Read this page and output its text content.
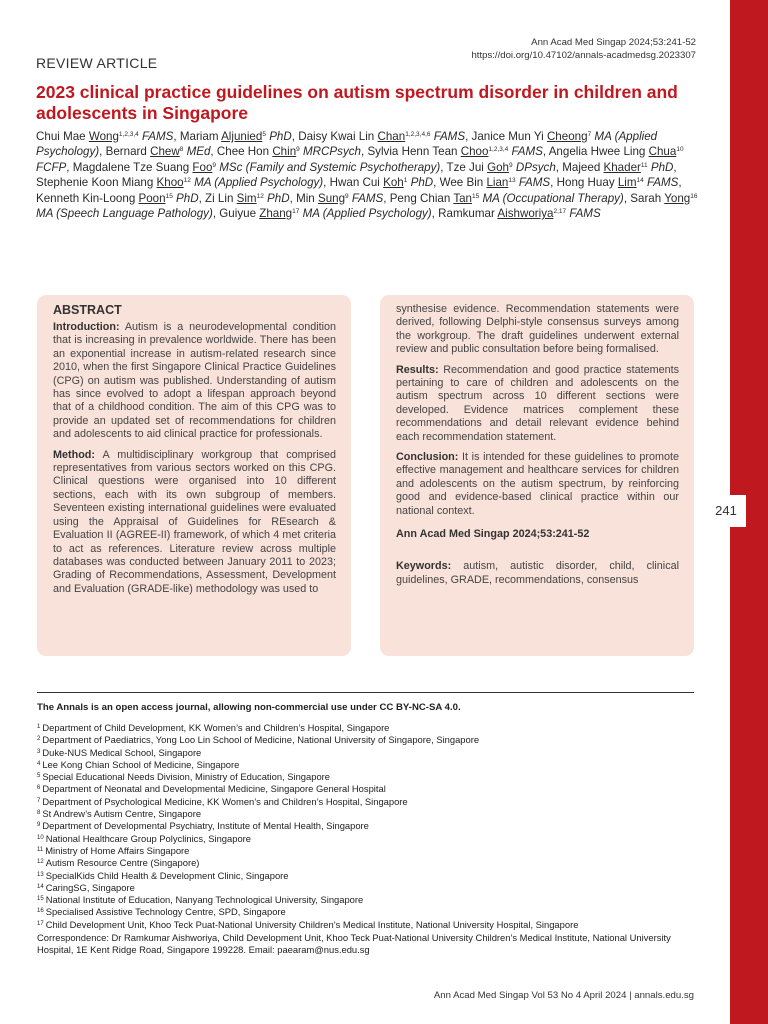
241
Ann Acad Med Singap 2024;53:241-52
https://doi.org/10.47102/annals-acadmedsg.2023307
REVIEW ARTICLE
2023 clinical practice guidelines on autism spectrum disorder in children and adolescents in Singapore
Chui Mae Wong$^{1,2,3,4}$ FAMS, Mariam Aljunied$^5$ PhD, Daisy Kwai Lin Chan$^{1,2,3,4,6}$ FAMS, Janice Mun Yi Cheong$^7$ MA (Applied Psychology), Bernard Chew$^8$ MEd, Chee Hon Chin$^9$ MRCPsych, Sylvia Henn Tean Choo$^{1,2,3,4}$ FAMS, Angelia Hwee Ling Chua$^{10}$ FCFP, Magdalene Tze Suang Foo$^9$ MSc (Family and Systemic Psychotherapy), Tze Jui Goh$^9$ DPsych, Majeed Khader$^{11}$ PhD, Stephenie Koon Miang Khoo$^{12}$ MA (Applied Psychology), Hwan Cui Koh$^1$ PhD, Wee Bin Lian$^{13}$ FAMS, Hong Huay Lim$^{14}$ FAMS, Kenneth Kin-Loong Poon$^{15}$ PhD, Zi Lin Sim$^{12}$ PhD, Min Sung$^9$ FAMS, Peng Chian Tan$^{15}$ MA (Occupational Therapy), Sarah Yong$^{16}$ MA (Speech Language Pathology), Guiyue Zhang$^{17}$ MA (Applied Psychology), Ramkumar Aishworiya$^{2,17}$ FAMS
ABSTRACT

Introduction: Autism is a neurodevelopmental condition that is increasing in prevalence worldwide. There has been an exponential increase in autism-related research since 2010, when the first Singapore Clinical Practice Guidelines (CPG) on autism was published. Understanding of autism has since evolved to adopt a lifespan approach beyond that of a childhood condition. The aim of this CPG was to provide an updated set of recommendations for children and adolescents to aid clinical practice for professionals.

Method: A multidisciplinary workgroup that comprised representatives from various sectors worked on this CPG. Clinical questions were organised into 10 different sections, each with its own subgroup of members. Seventeen existing international guidelines were evaluated using the Appraisal of Guidelines for REsearch & Evaluation II (AGREE-II) framework, of which 4 met criteria to act as references. Literature review across multiple databases was conducted between January 2011 to 2023; Grading of Recommendations, Assessment, Development and Evaluation (GRADE-like) methodology was used to

synthesise evidence. Recommendation statements were derived, following Delphi-style consensus surveys among the workgroup. The draft guidelines underwent external review and public consultation before being formalised.

Results: Recommendation and good practice statements pertaining to care of children and adolescents on the autism spectrum across 10 different sections were developed. Evidence matrices complement these recommendations and detail relevant evidence behind each recommendation statement.

Conclusion: It is intended for these guidelines to promote effective management and healthcare services for children and adolescents on the autism spectrum, by reinforcing good and evidence-based clinical practice within our national context.

Ann Acad Med Singap 2024;53:241-52

Keywords: autism, autistic disorder, child, clinical guidelines, GRADE, recommendations, consensus

The Annals is an open access journal, allowing non-commercial use under CC BY-NC-SA 4.0.
$^1$ Department of Child Development, KK Women’s and Children’s Hospital, Singapore
$^2$ Department of Paediatrics, Yong Loo Lin School of Medicine, National University of Singapore, Singapore
$^3$ Duke-NUS Medical School, Singapore
$^4$ Lee Kong Chian School of Medicine, Singapore
$^5$ Special Educational Needs Division, Ministry of Education, Singapore
$^6$ Department of Neonatal and Developmental Medicine, Singapore General Hospital
$^7$ Department of Psychological Medicine, KK Women’s and Children’s Hospital, Singapore
$^8$ St Andrew’s Autism Centre, Singapore
$^9$ Department of Developmental Psychiatry, Institute of Mental Health, Singapore
$^{10}$ National Healthcare Group Polyclinics, Singapore
$^{11}$ Ministry of Home Affairs Singapore
$^{12}$ Autism Resource Centre (Singapore)
$^{13}$ SpecialKids Child Health & Development Clinic, Singapore
$^{14}$ CaringSG, Singapore
$^{15}$ National Institute of Education, Nanyang Technological University, Singapore
$^{16}$ Specialised Assistive Technology Centre, SPD, Singapore
$^{17}$ Child Development Unit, Khoo Teck Puat-National University Children’s Medical Institute, National University Hospital, Singapore
Correspondence: Dr Ramkumar Aishworiya, Child Development Unit, Khoo Teck Puat-National University Children’s Medical Institute, National University Hospital, 1E Kent Ridge Road, Singapore 199228. Email: paearam@nus.edu.sg
Ann Acad Med Singap Vol 53 No 4 April 2024 | annals.edu.sg
